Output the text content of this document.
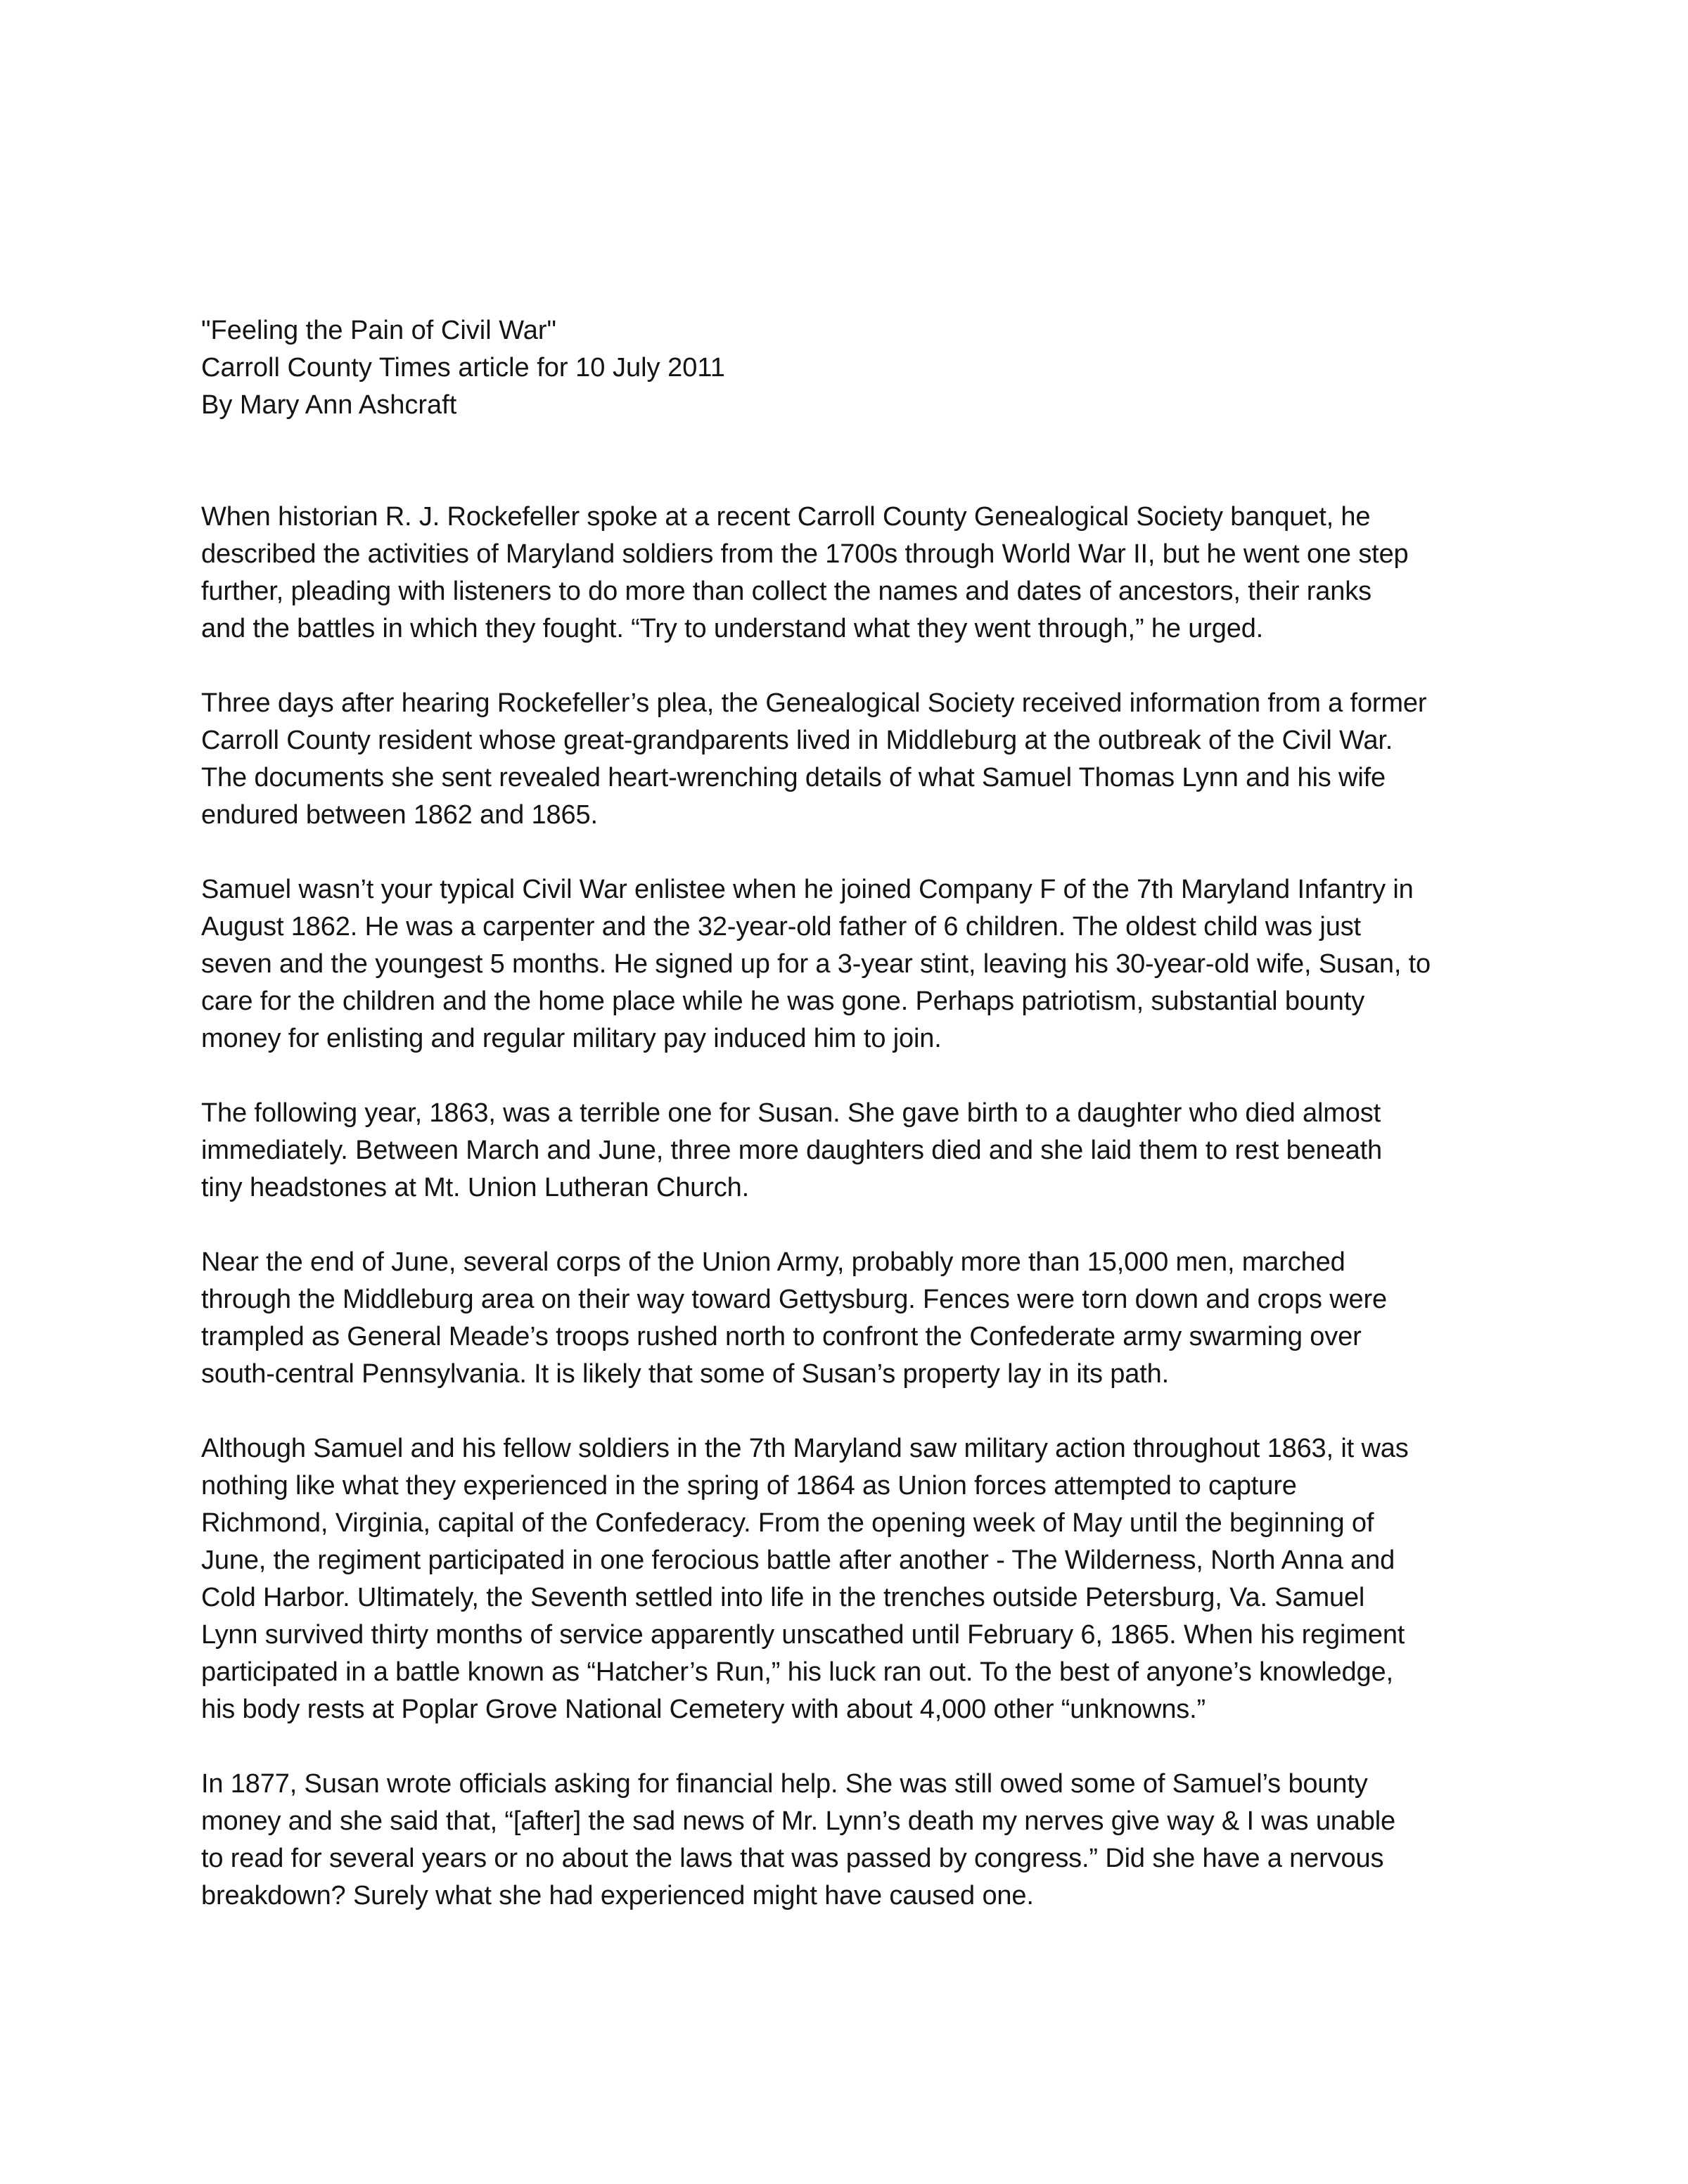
"Feeling the Pain of Civil War"
Carroll County Times article for 10 July 2011
By Mary Ann Ashcraft

When historian R. J. Rockefeller spoke at a recent Carroll County Genealogical Society banquet, he
described the activities of Maryland soldiers from the 1700s through World War II, but he went one step
further, pleading with listeners to do more than collect the names and dates of ancestors, their ranks
and the battles in which they fought. “Try to understand what they went through,” he urged.

Three days after hearing Rockefeller’s plea, the Genealogical Society received information from a former
Carroll County resident whose great-grandparents lived in Middleburg at the outbreak of the Civil War.
The documents she sent revealed heart-wrenching details of what Samuel Thomas Lynn and his wife
endured between 1862 and 1865.

Samuel wasn’t your typical Civil War enlistee when he joined Company F of the 7th Maryland Infantry in
August 1862. He was a carpenter and the 32-year-old father of 6 children. The oldest child was just
seven and the youngest 5 months. He signed up for a 3-year stint, leaving his 30-year-old wife, Susan, to
care for the children and the home place while he was gone. Perhaps patriotism, substantial bounty
money for enlisting and regular military pay induced him to join.

The following year, 1863, was a terrible one for Susan. She gave birth to a daughter who died almost
immediately. Between March and June, three more daughters died and she laid them to rest beneath
tiny headstones at Mt. Union Lutheran Church.

Near the end of June, several corps of the Union Army, probably more than 15,000 men, marched
through the Middleburg area on their way toward Gettysburg. Fences were torn down and crops were
trampled as General Meade’s troops rushed north to confront the Confederate army swarming over
south-central Pennsylvania. It is likely that some of Susan’s property lay in its path.

Although Samuel and his fellow soldiers in the 7th Maryland saw military action throughout 1863, it was
nothing like what they experienced in the spring of 1864 as Union forces attempted to capture
Richmond, Virginia, capital of the Confederacy. From the opening week of May until the beginning of
June, the regiment participated in one ferocious battle after another - The Wilderness, North Anna and
Cold Harbor. Ultimately, the Seventh settled into life in the trenches outside Petersburg, Va. Samuel
Lynn survived thirty months of service apparently unscathed until February 6, 1865. When his regiment
participated in a battle known as “Hatcher’s Run,” his luck ran out. To the best of anyone’s knowledge,
his body rests at Poplar Grove National Cemetery with about 4,000 other “unknowns.”

In 1877, Susan wrote officials asking for financial help. She was still owed some of Samuel’s bounty
money and she said that, “[after] the sad news of Mr. Lynn’s death my nerves give way & I was unable
to read for several years or no about the laws that was passed by congress.” Did she have a nervous
breakdown? Surely what she had experienced might have caused one.
